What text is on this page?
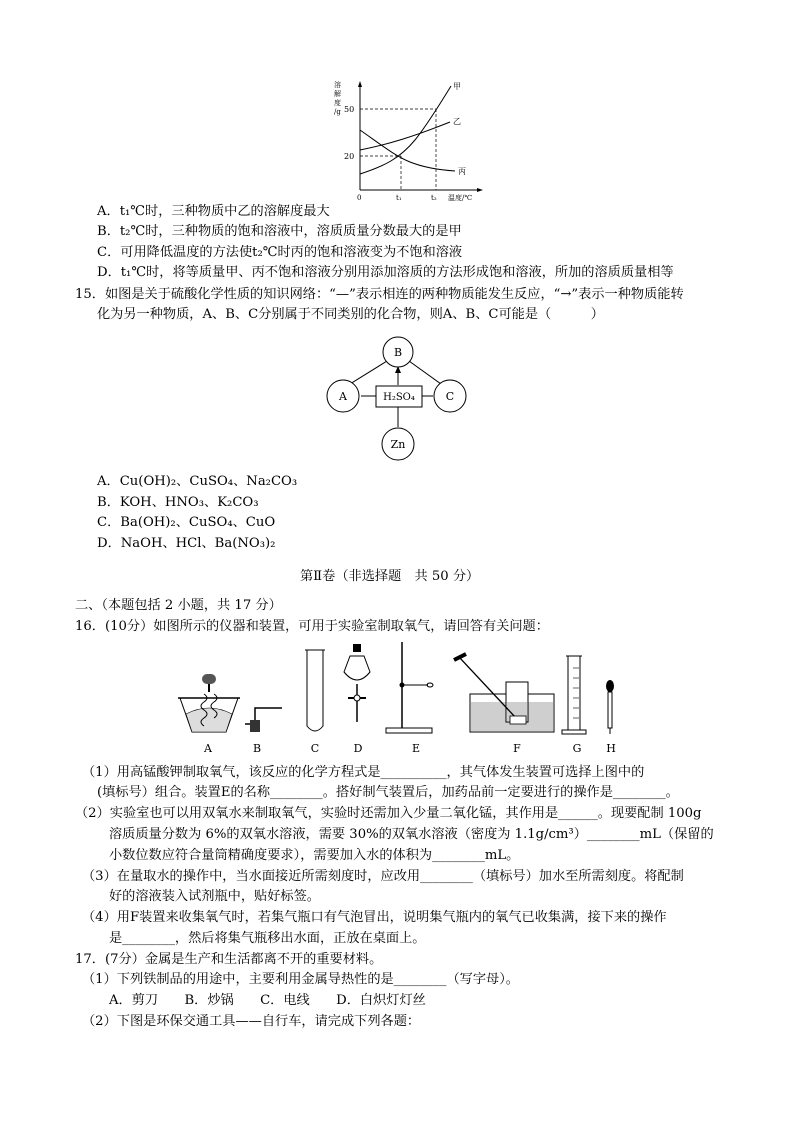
溶
解
度
/g 50
20
0	t₁	t₂ 温度/℃
甲
乙
丙
A．t₁℃时，三种物质中乙的溶解度最大
B．t₂℃时，三种物质的饱和溶液中，溶质质量分数最大的是甲
C．可用降低温度的方法使t₂℃时丙的饱和溶液变为不饱和溶液
D．t₁℃时，将等质量甲、丙不饱和溶液分别用添加溶质的方法形成饱和溶液，所加的溶质质量相等
15．如图是关于硫酸化学性质的知识网络：“—”表示相连的两种物质能发生反应，“→”表示一种物质能转
化为另一种物质，A、B、C分别属于不同类别的化合物，则A、B、C可能是（　　　）
B
A	C
Zn
H₂SO₄
A．Cu(OH)₂、CuSO₄、Na₂CO₃
B．KOH、HNO₃、K₂CO₃
C．Ba(OH)₂、CuSO₄、CuO
D．NaOH、HCl、Ba(NO₃)₂
第Ⅱ卷（非选择题　共 50 分）
二、（本题包括 2 小题，共 17 分）
16．(10分）如图所示的仪器和装置，可用于实验室制取氧气，请回答有关问题：
A	B	C	D	E	F	G H
（1）用高锰酸钾制取氧气，该反应的化学方程式是__________，其气体发生装置可选择上图中的
(填标号）组合。装置E的名称________。搭好制气装置后，加药品前一定要进行的操作是________。
（2）实验室也可以用双氧水来制取氧气，实验时还需加入少量二氧化锰，其作用是______。现要配制 100g
溶质质量分数为 6%的双氧水溶液，需要 30%的双氧水溶液（密度为 1.1g/cm³）________mL（保留的
小数位数应符合量筒精确度要求），需要加入水的体积为________mL。
（3）在量取水的操作中，当水面接近所需刻度时，应改用________（填标号）加水至所需刻度。将配制
好的溶液装入试剂瓶中，贴好标签。
（4）用F装置来收集氧气时，若集气瓶口有气泡冒出，说明集气瓶内的氧气已收集满，接下来的操作
是________，然后将集气瓶移出水面，正放在桌面上。
17．(7分）金属是生产和生活都离不开的重要材料。
（1）下列铁制品的用途中，主要利用金属导热性的是________（写字母）。
A．剪刀　　B．炒锅　　C．电线　　D．白炽灯灯丝
（2）下图是环保交通工具——自行车，请完成下列各题：
